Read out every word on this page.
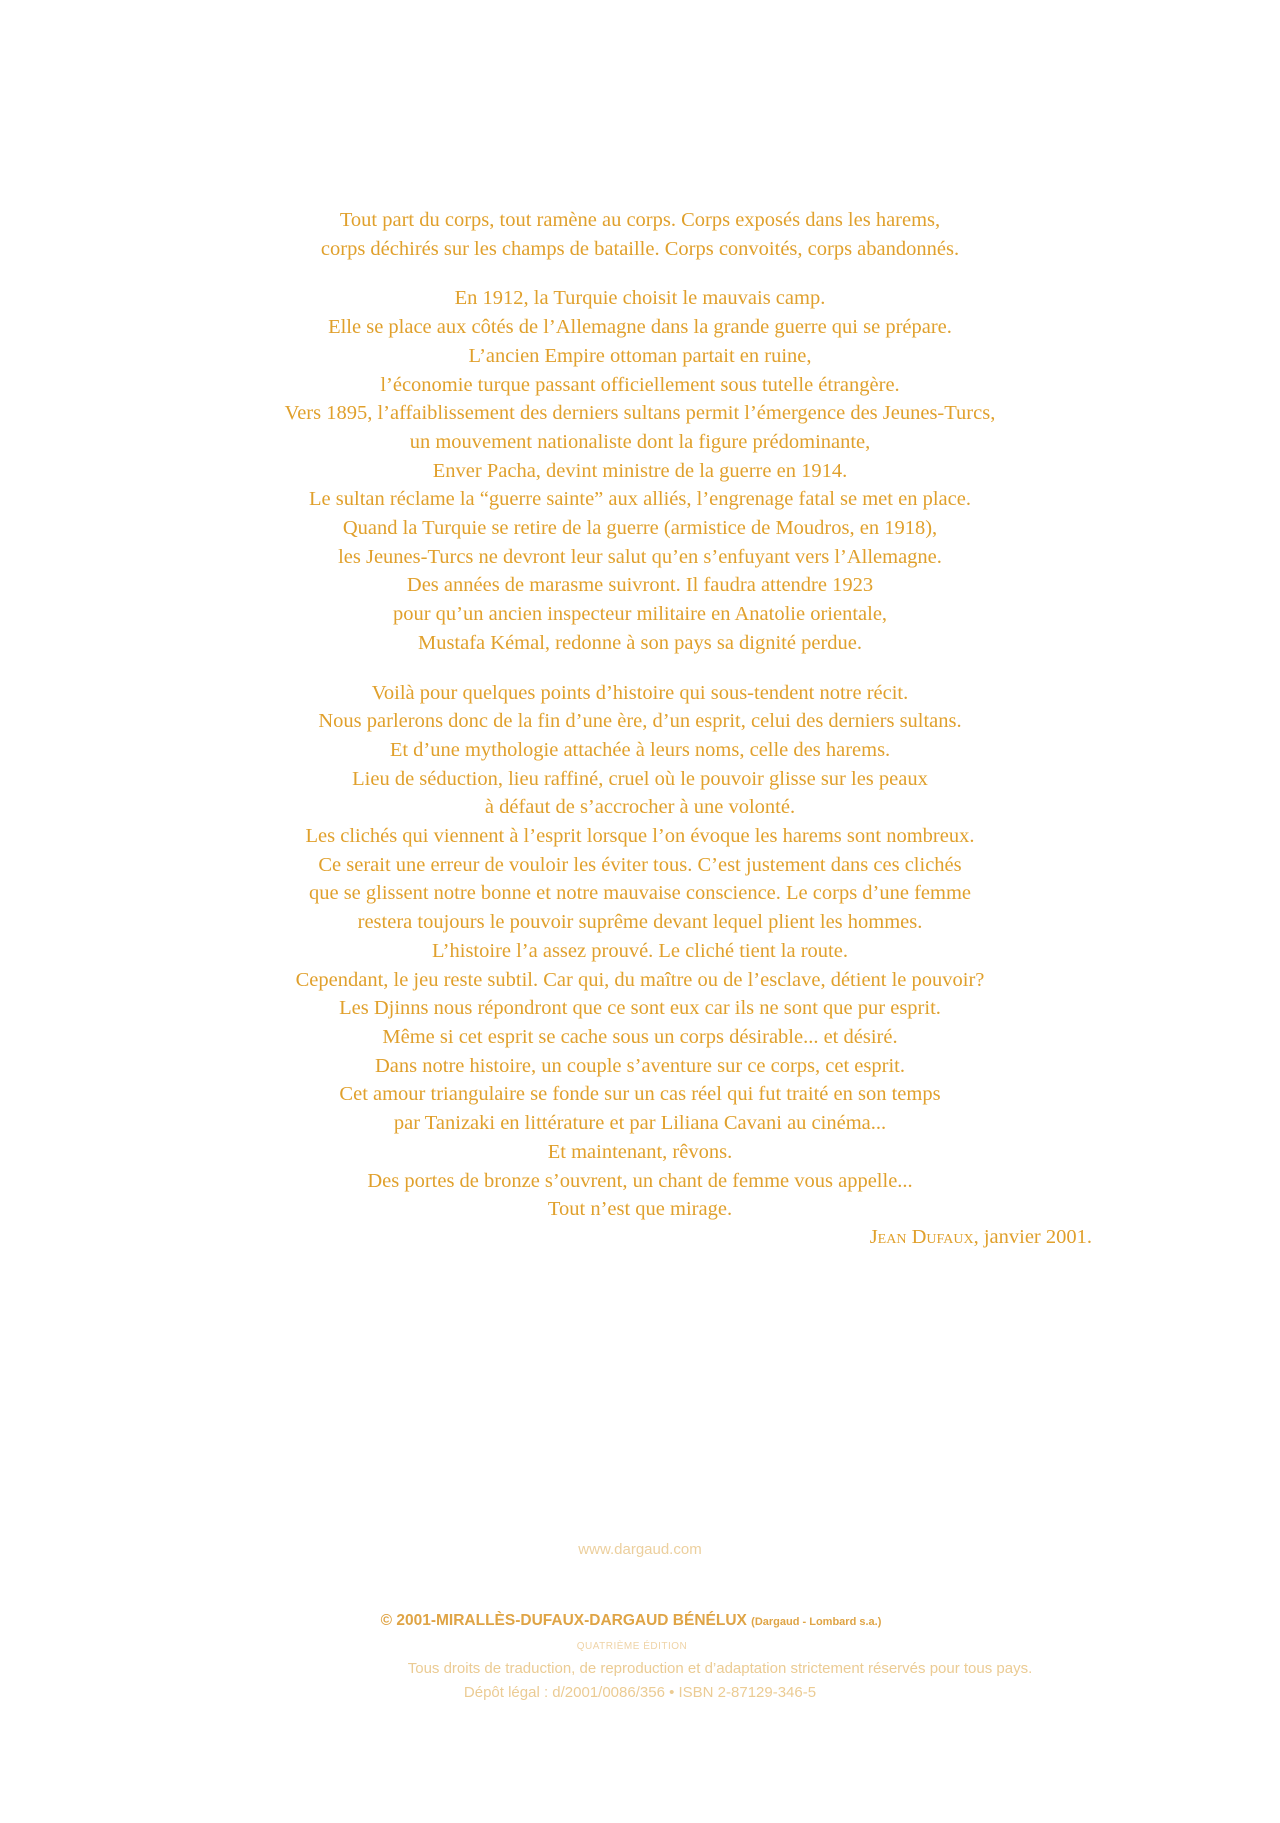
Tout part du corps, tout ramène au corps. Corps exposés dans les harems,
corps déchirés sur les champs de bataille. Corps convoités, corps abandonnés.
En 1912, la Turquie choisit le mauvais camp.
Elle se place aux côtés de l’Allemagne dans la grande guerre qui se prépare.
L’ancien Empire ottoman partait en ruine,
l’économie turque passant officiellement sous tutelle étrangère.
Vers 1895, l’affaiblissement des derniers sultans permit l’émergence des Jeunes-Turcs,
un mouvement nationaliste dont la figure prédominante,
Enver Pacha, devint ministre de la guerre en 1914.
Le sultan réclame la “guerre sainte” aux alliés, l’engrenage fatal se met en place.
Quand la Turquie se retire de la guerre (armistice de Moudros, en 1918),
les Jeunes-Turcs ne devront leur salut qu’en s’enfuyant vers l’Allemagne.
Des années de marasme suivront. Il faudra attendre 1923
pour qu’un ancien inspecteur militaire en Anatolie orientale,
Mustafa Kémal, redonne à son pays sa dignité perdue.
Voilà pour quelques points d’histoire qui sous-tendent notre récit.
Nous parlerons donc de la fin d’une ère, d’un esprit, celui des derniers sultans.
Et d’une mythologie attachée à leurs noms, celle des harems.
Lieu de séduction, lieu raffiné, cruel où le pouvoir glisse sur les peaux
à défaut de s’accrocher à une volonté.
Les clichés qui viennent à l’esprit lorsque l’on évoque les harems sont nombreux.
Ce serait une erreur de vouloir les éviter tous. C’est justement dans ces clichés
que se glissent notre bonne et notre mauvaise conscience. Le corps d’une femme
restera toujours le pouvoir suprême devant lequel plient les hommes.
L’histoire l’a assez prouvé. Le cliché tient la route.
Cependant, le jeu reste subtil. Car qui, du maître ou de l’esclave, détient le pouvoir?
Les Djinns nous répondront que ce sont eux car ils ne sont que pur esprit.
Même si cet esprit se cache sous un corps désirable... et désiré.
Dans notre histoire, un couple s’aventure sur ce corps, cet esprit.
Cet amour triangulaire se fonde sur un cas réel qui fut traité en son temps
par Tanizaki en littérature et par Liliana Cavani au cinéma...
Et maintenant, rêvons.
Des portes de bronze s’ouvrent, un chant de femme vous appelle...
Tout n’est que mirage.
Jean Dufaux, janvier 2001.
www.dargaud.com
© 2001-MIRALLÈS-DUFAUX-DARGAUD BÉNÉLUX (Dargaud - Lombard s.a.)
QUATRIÈME ÉDITION
Tous droits de traduction, de reproduction et d’adaptation strictement réservés pour tous pays.
Dépôt légal : d/2001/0086/356 • ISBN 2-87129-346-5
